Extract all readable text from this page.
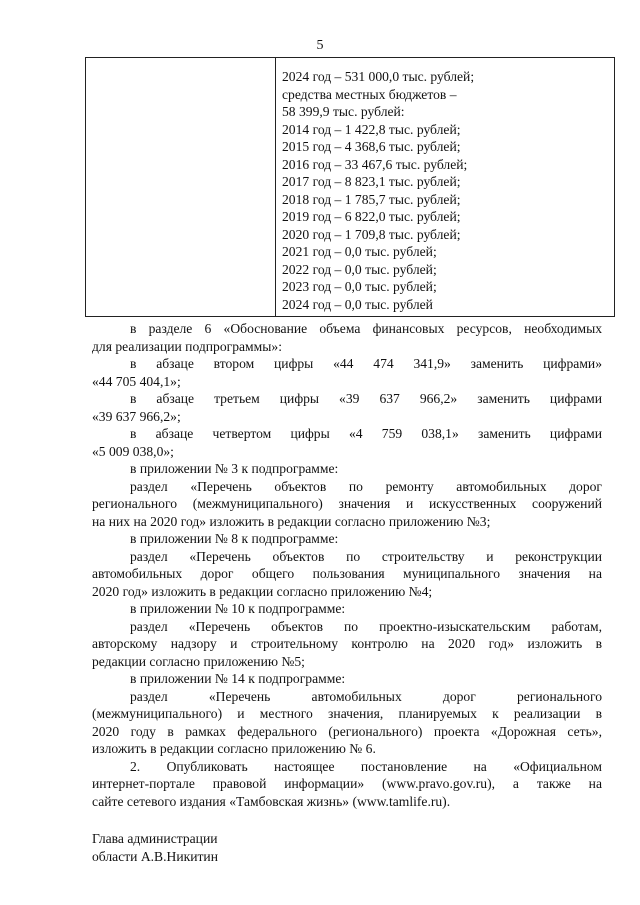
5
2024 год – 531 000,0 тыс. рублей;
средства местных бюджетов –
58 399,9 тыс. рублей:
2014 год – 1 422,8 тыс. рублей;
2015 год – 4 368,6 тыс. рублей;
2016 год – 33 467,6 тыс. рублей;
2017 год – 8 823,1 тыс. рублей;
2018 год – 1 785,7 тыс. рублей;
2019 год – 6 822,0 тыс. рублей;
2020 год – 1 709,8 тыс. рублей;
2021 год – 0,0 тыс. рублей;
2022 год – 0,0 тыс. рублей;
2023 год – 0,0 тыс. рублей;
2024 год – 0,0 тыс. рублей
в разделе 6 «Обоснование объема финансовых ресурсов, необходимых
для реализации подпрограммы»:
в абзаце втором цифры «44 474 341,9» заменить цифрами»
«44 705 404,1»;
в абзаце третьем цифры «39 637 966,2» заменить цифрами
«39 637 966,2»;
в абзаце четвертом цифры «4 759 038,1» заменить цифрами
«5 009 038,0»;
в приложении № 3 к подпрограмме:
раздел «Перечень объектов по ремонту автомобильных дорог
регионального (межмуниципального) значения и искусственных сооружений
на них на 2020 год» изложить в редакции согласно приложению №3;
в приложении № 8 к подпрограмме:
раздел «Перечень объектов по строительству и реконструкции
автомобильных дорог общего пользования муниципального значения на
2020 год» изложить в редакции согласно приложению №4;
в приложении № 10 к подпрограмме:
раздел «Перечень объектов по проектно-изыскательским работам,
авторскому надзору и строительному контролю на 2020 год» изложить в
редакции согласно приложению №5;
в приложении № 14 к подпрограмме:
раздел «Перечень автомобильных дорог регионального
(межмуниципального) и местного значения, планируемых к реализации в
2020 году в рамках федерального (регионального) проекта «Дорожная сеть»,
изложить в редакции согласно приложению № 6.
2. Опубликовать настоящее постановление на «Официальном
интернет-портале правовой информации» (www.pravo.gov.ru), а также на
сайте сетевого издания «Тамбовская жизнь» (www.tamlife.ru).
Глава администрации
области А.В.Никитин
